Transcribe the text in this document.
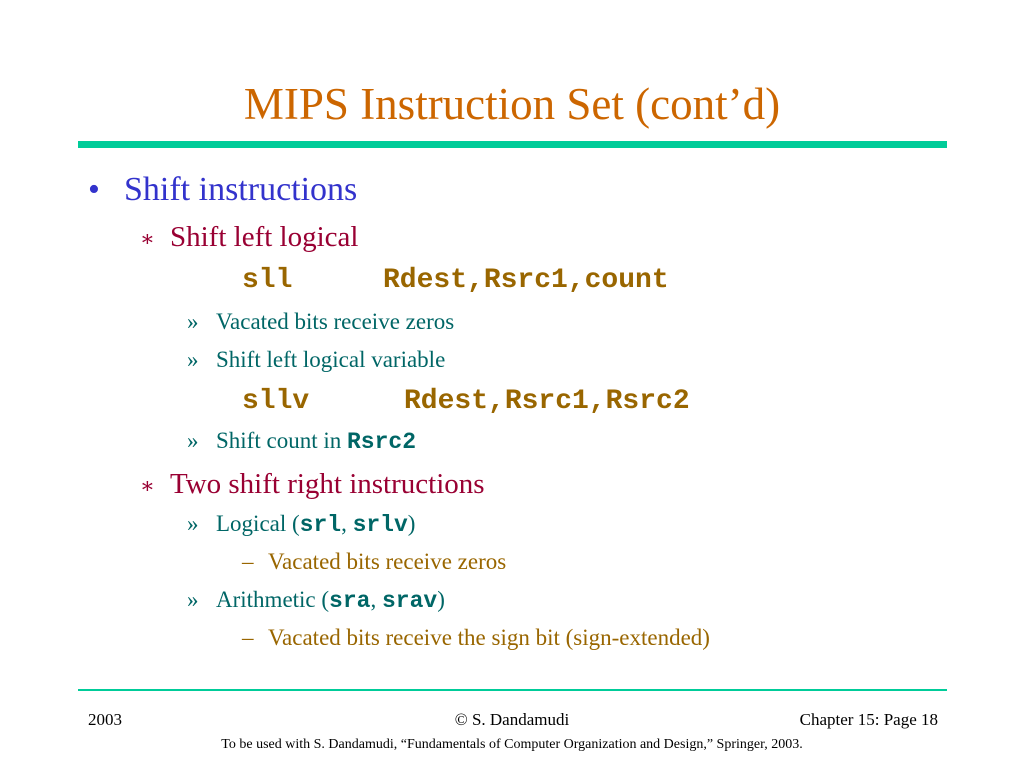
MIPS Instruction Set (cont’d)
• Shift instructions
∗ Shift left logical
sll	Rdest,Rsrc1,count
» Vacated bits receive zeros
» Shift left logical variable
sllv	Rdest,Rsrc1,Rsrc2
» Shift count in Rsrc2
∗ Two shift right instructions
» Logical (srl, srlv)
– Vacated bits receive zeros
» Arithmetic (sra, srav)
– Vacated bits receive the sign bit (sign-extended)
2003	© S. Dandamudi	Chapter 15: Page 18
To be used with S. Dandamudi, “Fundamentals of Computer Organization and Design,” Springer, 2003.
